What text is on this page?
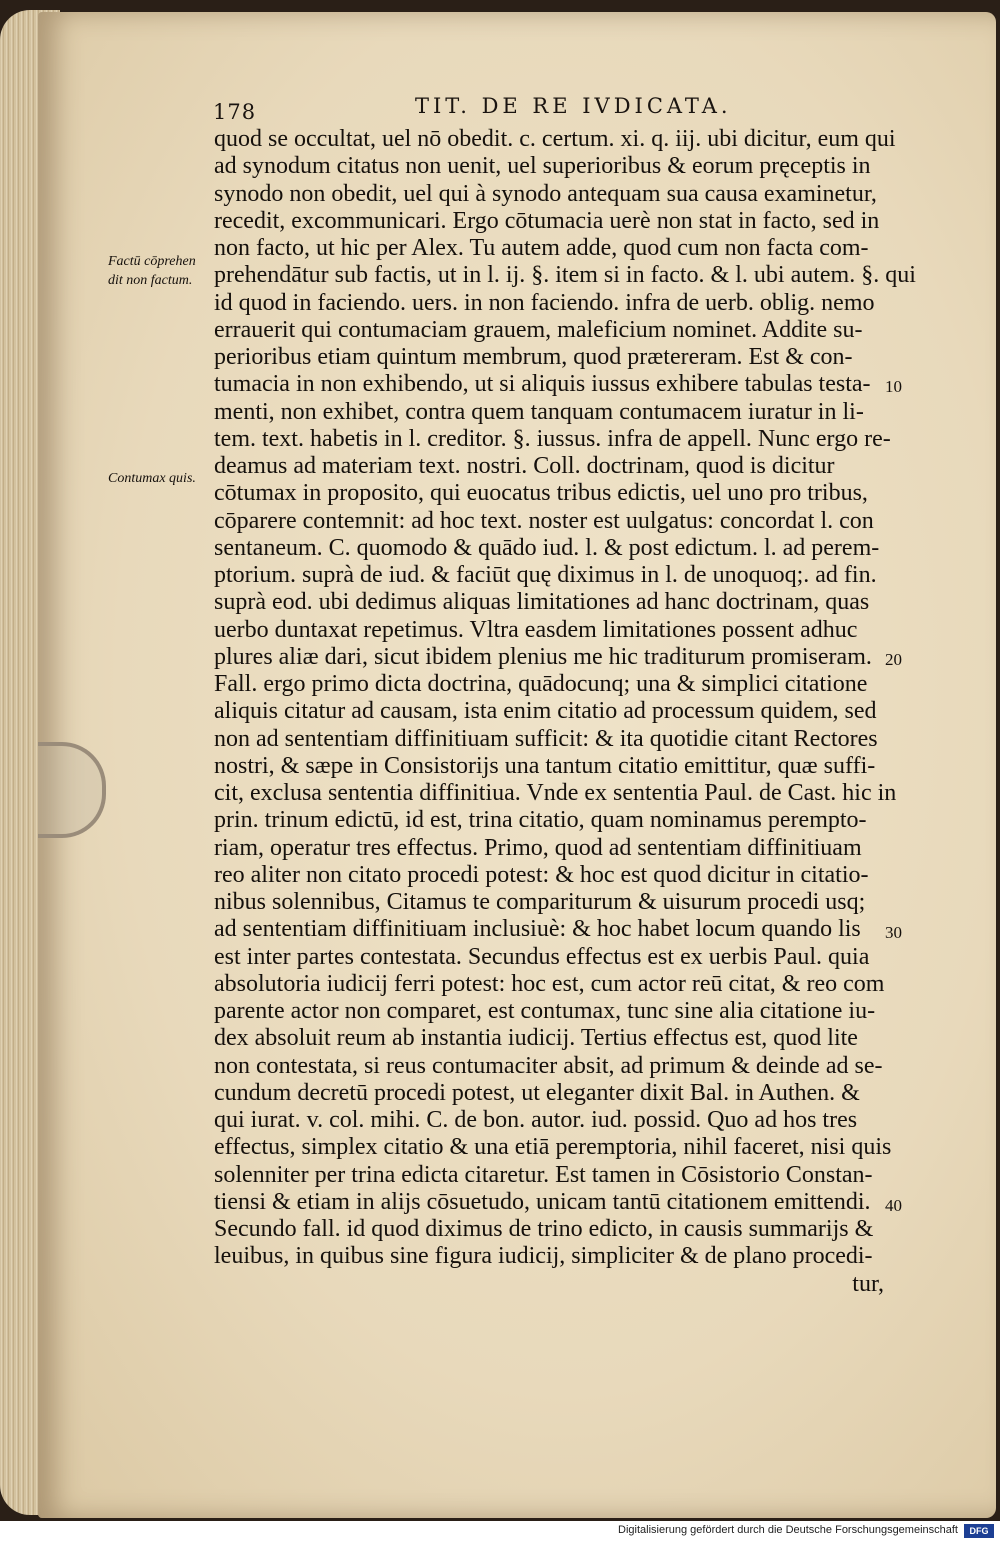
178	TIT. DE RE IVDICATA.
Factū cōprehen
dit non factum.
Contumax quis.
10
20
30
40
quod se occultat, uel nō obedit. c. certum. xi. q. iij. ubi dicitur, eum qui
ad synodum citatus non uenit, uel superioribus & eorum pręceptis in
synodo non obedit, uel qui à synodo antequam sua causa examinetur,
recedit, excommunicari. Ergo cōtumacia uerè non stat in facto, sed in
non facto, ut hic per Alex. Tu autem adde, quod cum non facta com-
prehendātur sub factis, ut in l. ij. §. item si in facto. & l. ubi autem. §. qui
id quod in faciendo. uers. in non faciendo. infra de uerb. oblig. nemo
errauerit qui contumaciam grauem, maleficium nominet. Addite su-
perioribus etiam quintum membrum, quod prætereram. Est & con-
tumacia in non exhibendo, ut si aliquis iussus exhibere tabulas testa-
menti, non exhibet, contra quem tanquam contumacem iuratur in li-
tem. text. habetis in l. creditor. §. iussus. infra de appell. Nunc ergo re-
deamus ad materiam text. nostri. Coll. doctrinam, quod is dicitur
cōtumax in proposito, qui euocatus tribus edictis, uel uno pro tribus,
cōparere contemnit: ad hoc text. noster est uulgatus: concordat l. con
sentaneum. C. quomodo & quādo iud. l. & post edictum. l. ad perem-
ptorium. suprà de iud. & faciūt quę diximus in l. de unoquoq;. ad fin.
suprà eod. ubi dedimus aliquas limitationes ad hanc doctrinam, quas
uerbo duntaxat repetimus. Vltra easdem limitationes possent adhuc
plures aliæ dari, sicut ibidem plenius me hic traditurum promiseram.
Fall. ergo primo dicta doctrina, quādocunq; una & simplici citatione
aliquis citatur ad causam, ista enim citatio ad processum quidem, sed
non ad sententiam diffinitiuam sufficit: & ita quotidie citant Rectores
nostri, & sæpe in Consistorijs una tantum citatio emittitur, quæ suffi-
cit, exclusa sententia diffinitiua. Vnde ex sententia Paul. de Cast. hic in
prin. trinum edictū, id est, trina citatio, quam nominamus perempto-
riam, operatur tres effectus. Primo, quod ad sententiam diffinitiuam
reo aliter non citato procedi potest: & hoc est quod dicitur in citatio-
nibus solennibus, Citamus te compariturum & uisurum procedi usq;
ad sententiam diffinitiuam inclusiuè: & hoc habet locum quando lis
est inter partes contestata. Secundus effectus est ex uerbis Paul. quia
absolutoria iudicij ferri potest: hoc est, cum actor reū citat, & reo com
parente actor non comparet, est contumax, tunc sine alia citatione iu-
dex absoluit reum ab instantia iudicij. Tertius effectus est, quod lite
non contestata, si reus contumaciter absit, ad primum & deinde ad se-
cundum decretū procedi potest, ut eleganter dixit Bal. in Authen. &
qui iurat. v. col. mihi. C. de bon. autor. iud. possid. Quo ad hos tres
effectus, simplex citatio & una etiā peremptoria, nihil faceret, nisi quis
solenniter per trina edicta citaretur. Est tamen in Cōsistorio Constan-
tiensi & etiam in alijs cōsuetudo, unicam tantū citationem emittendi.
Secundo fall. id quod diximus de trino edicto, in causis summarijs &
leuibus, in quibus sine figura iudicij, simpliciter & de plano procedi-
tur,
Digitalisierung gefördert durch die Deutsche Forschungsgemeinschaft	DFG
